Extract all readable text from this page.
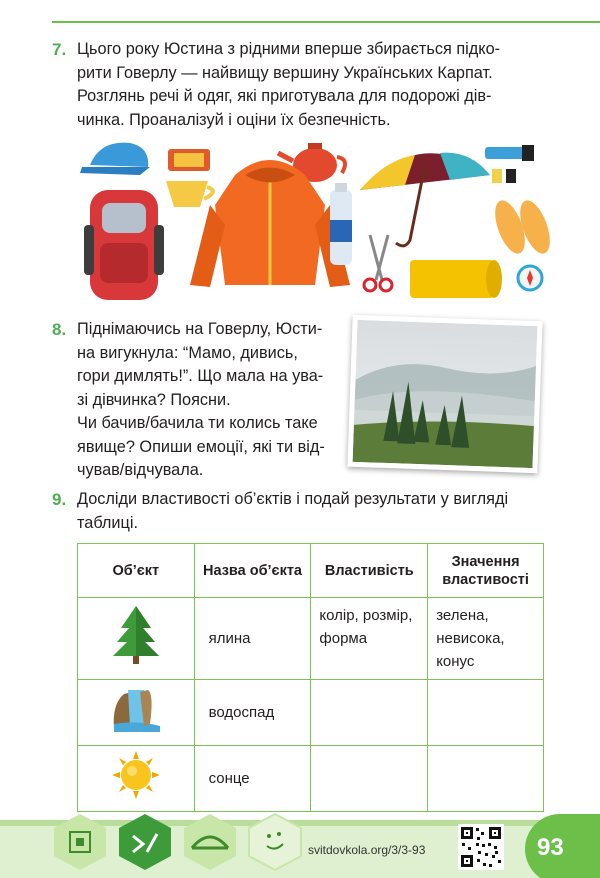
7. Цього року Юстина з рідними вперше збирається підко-
рити Говерлу — найвищу вершину Українських Карпат.
Розглянь речі й одяг, які приготувала для подорожі дів-
чинка. Проаналізуй і оціни їх безпечність.
8. Піднімаючись на Говерлу, Юсти-
на вигукнула: “Мамо, дивись,
гори димлять!”. Що мала на ува-
зі дівчинка? Поясни.
Чи бачив/бачила ти колись таке
явище? Опиши емоції, які ти від-
чував/відчувала.
9. Досліди властивості об’єктів і подай результати у вигляді
таблиці.
Об’єкт	Назва об’єкта	Властивість	Значення властивості
	ялина	колір, розмір, форма	зелена, невисока, конус
	водоспад		
	сонце		
svitdovkola.org/3/3-93	93
